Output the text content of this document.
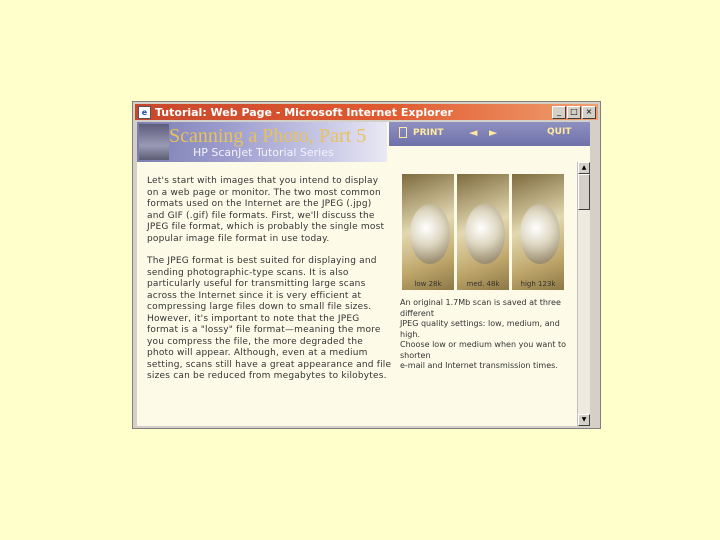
e Tutorial: Web Page - Microsoft Internet Explorer	_	□ ×
Scanning a Photo, Part 5
HP ScanJet Tutorial Series
PRINT ◄ ►	QUIT

Let's start with images that you intend to display on a web page or monitor. The two most common formats used on the Internet are the JPEG (.jpg) and GIF (.gif) file formats. First, we'll discuss the JPEG file format, which is probably the single most popular image file format in use today.

The JPEG format is best suited for displaying and sending photographic-type scans. It is also particularly useful for transmitting large scans across the Internet since it is very efficient at compressing large files down to small file sizes. However, it's important to note that the JPEG format is a "lossy" file format—meaning the more you compress the file, the more degraded the photo will appear. Although, even at a medium setting, scans still have a great appearance and file sizes can be reduced from megabytes to kilobytes.

low 28k	med. 48k	high 123k

An original 1.7Mb scan is saved at three different

JPEG quality settings: low, medium, and high.

Choose low or medium when you want to shorten

e-mail and Internet transmission times.

▲
▼
